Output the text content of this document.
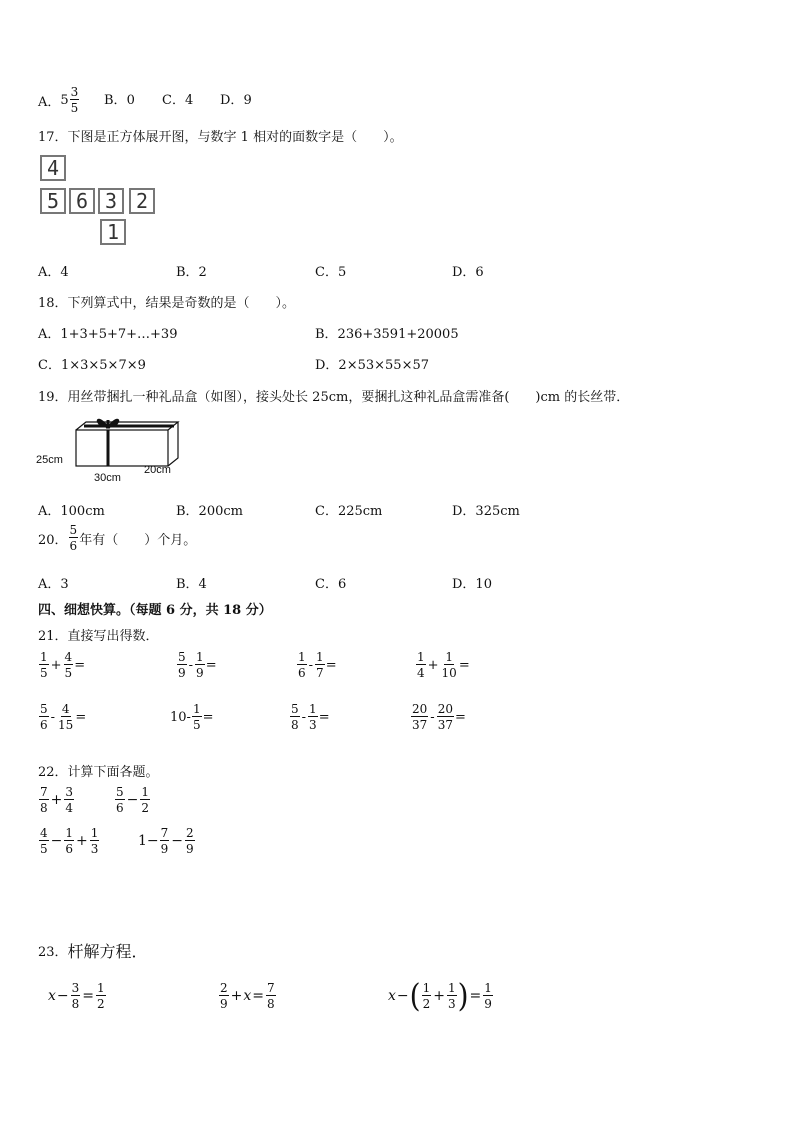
A． $5 \frac{3}{5}$ B．0 C．4 D．9
17．下图是正方体展开图，与数字 1 相对的面数字是（　　）。
4
5 6 3 2
1
A．4	B．2	C．5	D．6
18．下列算式中，结果是奇数的是（　　）。
A．1+3+5+7+…+39	B．236+3591+20005
C．1×3×5×7×9	D．2×53×55×57
19．用丝带捆扎一种礼品盒（如图），接头处长 25cm，要捆扎这种礼品盒需准备(　　)cm 的长丝带．
25cm
30cm
20cm
A．100cm	B．200cm	C．225cm	D．325cm
20． $\frac{5}{6}$ 年有（　　）个月。
A．3	B．4	C．6	D．10
四、细想快算。（每题 6 分，共 18 分）
21．直接写出得数．
$\frac{1}{5} + \frac{4}{5}$ =	$\frac{5}{9} - \frac{1}{9}$ =	$\frac{1}{6} - \frac{1}{7}$ =	$\frac{1}{4} + \frac{1}{10}$ =
$\frac{5}{6} - \frac{4}{15}$ =	$10- \frac{1}{5}$ =	$\frac{5}{8} - \frac{1}{3}$ =	$\frac{20}{37} - \frac{20}{37}$ =
22．计算下面各题。
$\frac{7}{8} + \frac{3}{4}$	$\frac{5}{6} - \frac{1}{2}$
$\frac{4}{5} - \frac{1}{6} + \frac{1}{3}$	$1- \frac{7}{9} - \frac{2}{9}$
23． 杆解方程．
$x - \frac{3}{8} = \frac{1}{2}$	$\frac{2}{9} + x = \frac{7}{8}$	x − ( $\frac{1}{2} + \frac{1}{3}$ ) = $\frac{1}{9}$
